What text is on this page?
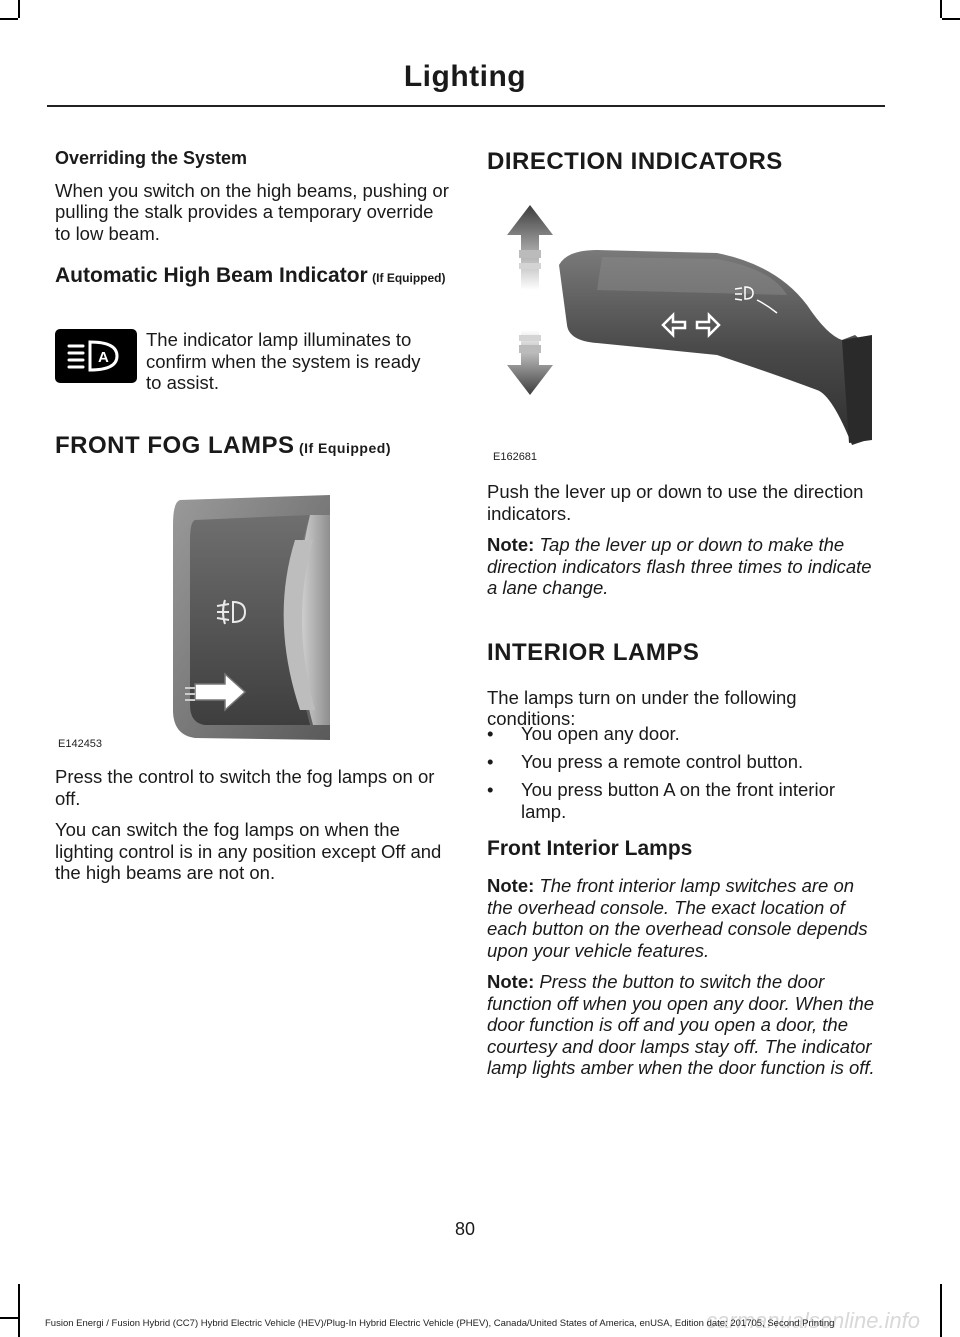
Lighting

Overriding the System

When you switch on the high beams, pushing or pulling the stalk provides a temporary override to low beam.

Automatic High Beam Indicator (If Equipped)
A

The indicator lamp illuminates to confirm when the system is ready to assist.

FRONT FOG LAMPS (If Equipped)
E142453

Press the control to switch the fog lamps on or off.

You can switch the fog lamps on when the lighting control is in any position except Off and the high beams are not on.

DIRECTION INDICATORS
E162681

Push the lever up or down to use the direction indicators.

Note: Tap the lever up or down to make the direction indicators flash three times to indicate a lane change.

INTERIOR LAMPS

The lamps turn on under the following conditions:

• You open any door.
• You press a remote control button.
• You press button A on the front interior lamp.
Front Interior Lamps

Note: The front interior lamp switches are on the overhead console. The exact location of each button on the overhead console depends upon your vehicle features.

Note: Press the button to switch the door function off when you open any door. When the door function is off and you open a door, the courtesy and door lamps stay off. The indicator lamp lights amber when the door function is off.

80
carmanualsonline.info
Fusion Energi / Fusion Hybrid (CC7) Hybrid Electric Vehicle (HEV)/Plug-In Hybrid Electric Vehicle (PHEV), Canada/United States of America, enUSA, Edition date: 201705, Second Printing
